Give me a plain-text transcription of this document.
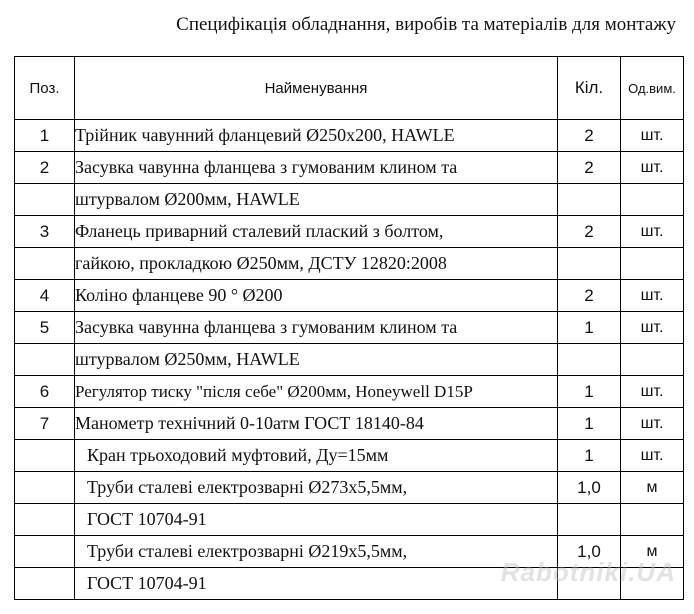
Специфікація обладнання, виробів та матеріалів для монтажу
Поз.	Найменування	Кіл.	Од.вим.
1	Трійник чавунний фланцевий Ø250х200, HAWLE	2	шт.
2	Засувка чавунна фланцева з гумованим клином та	2	шт.
	штурвалом Ø200мм, HAWLE		
3	Фланець приварний сталевий плаский з болтом,	2	шт.
	гайкою, прокладкою Ø250мм, ДСТУ 12820:2008		
4	Коліно фланцеве 90 ° Ø200	2	шт.
5	Засувка чавунна фланцева з гумованим клином та	1	шт.
	штурвалом Ø250мм, HAWLE		
6	Регулятор тиску "після себе" Ø200мм, Honeywell D15P	1	шт.
7	Манометр технічний 0-10атм ГОСТ 18140-84	1	шт.
	Кран трьоходовий муфтовий, Ду=15мм	1	шт.
	Труби сталеві електрозварні Ø273х5,5мм,	1,0	м
	ГОСТ 10704-91		
	Труби сталеві електрозварні Ø219х5,5мм,	1,0	м
	ГОСТ 10704-91			Rabotniki.UA
